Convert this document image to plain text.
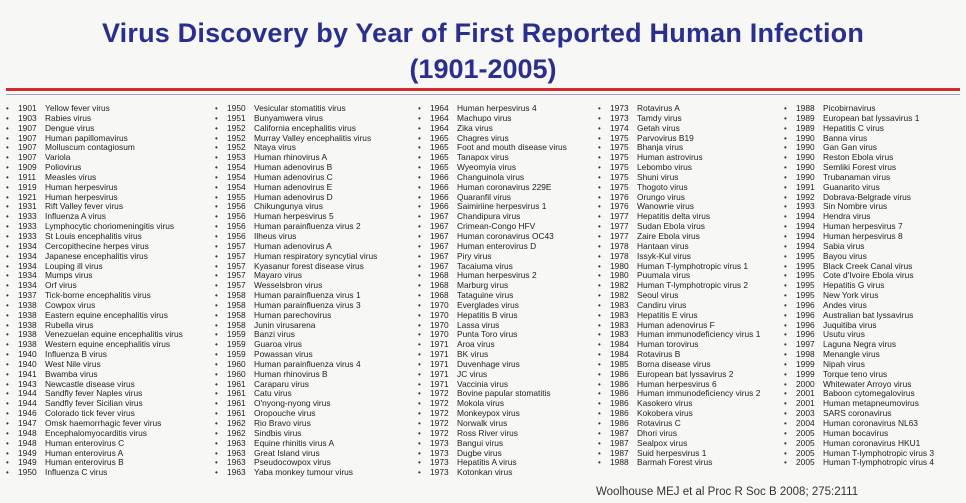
Virus Discovery by Year of First Reported Human Infection
(1901-2005)
• 1901 Yellow fever virus
• 1903 Rabies virus
• 1907 Dengue virus
• 1907 Human papillomavirus
• 1907 Molluscum contagiosum
• 1907 Variola
• 1909 Poliovirus
• 1911 Measles virus
• 1919 Human herpesvirus
• 1921 Human herpesvirus
• 1931 Rift Valley fever virus
• 1933 Influenza A virus
• 1933 Lymphocytic choriomeningitis virus
• 1933 St Louis encephalitis virus
• 1934 Cercopithecine herpes virus
• 1934 Japanese encephalitis virus
• 1934 Louping ill virus
• 1934 Mumps virus
• 1934 Orf virus
• 1937 Tick-borne encephalitis virus
• 1938 Cowpox virus
• 1938 Eastern equine encephalitis virus
• 1938 Rubella virus
• 1938 Venezuelan equine encephalitis virus
• 1938 Western equine encephalitis virus
• 1940 Influenza B virus
• 1940 West Nile virus
• 1941 Bwamba virus
• 1943 Newcastle disease virus
• 1944 Sandfly fever Naples virus
• 1944 Sandfly fever Sicilian virus
• 1946 Colorado tick fever virus
• 1947 Omsk haemorrhagic fever virus
• 1948 Encephalomyocarditis virus
• 1948 Human enterovirus C
• 1949 Human enterovirus A
• 1949 Human enterovirus B
• 1950 Influenza C virus
• 1950 Vesicular stomatitis virus
• 1951 Bunyamwera virus
• 1952 California encephalitis virus
• 1952 Murray Valley encephalitis virus
• 1952 Ntaya virus
• 1953 Human rhinovirus A
• 1954 Human adenovirus B
• 1954 Human adenovirus C
• 1954 Human adenovirus E
• 1955 Human adenovirus D
• 1956 Chikungunya virus
• 1956 Human herpesvirus 5
• 1956 Human parainfluenza virus 2
• 1956 Ilheus virus
• 1957 Human adenovirus A
• 1957 Human respiratory syncytial virus
• 1957 Kyasanur forest disease virus
• 1957 Mayaro virus
• 1957 Wesselsbron virus
• 1958 Human parainfluenza virus 1
• 1958 Human parainfluenza virus 3
• 1958 Human parechovirus
• 1958 Junin virusarena
• 1959 Banzi virus
• 1959 Guaroa virus
• 1959 Powassan virus
• 1960 Human parainfluenza virus 4
• 1960 Human rhinovirus B
• 1961 Caraparu virus
• 1961 Catu virus
• 1961 O'nyong-nyong virus
• 1961 Oropouche virus
• 1962 Rio Bravo virus
• 1962 Sindbis virus
• 1963 Equine rhinitis virus A
• 1963 Great Island virus
• 1963 Pseudocowpox virus
• 1963 Yaba monkey tumour virus
• 1964 Human herpesvirus 4
• 1964 Machupo virus
• 1964 Zika virus
• 1965 Chagres virus
• 1965 Foot and mouth disease virus
• 1965 Tanapox virus
• 1965 Wyeomyia virus
• 1966 Changuinola virus
• 1966 Human coronavirus 229E
• 1966 Quaranfil virus
• 1966 Saimiriine herpesvirus 1
• 1967 Chandipura virus
• 1967 Crimean-Congo HFV
• 1967 Human coronavirus OC43
• 1967 Human enterovirus D
• 1967 Piry virus
• 1967 Tacaiuma virus
• 1968 Human herpesvirus 2
• 1968 Marburg virus
• 1968 Tataguine virus
• 1970 Everglades virus
• 1970 Hepatitis B virus
• 1970 Lassa virus
• 1970 Punta Toro virus
• 1971 Aroa virus
• 1971 BK virus
• 1971 Duvenhage virus
• 1971 JC virus
• 1971 Vaccinia virus
• 1972 Bovine papular stomatitis
• 1972 Mokola virus
• 1972 Monkeypox virus
• 1972 Norwalk virus
• 1972 Ross River virus
• 1973 Bangui virus
• 1973 Dugbe virus
• 1973 Hepatitis A virus
• 1973 Kotonkan virus
• 1973 Rotavirus A
• 1973 Tamdy virus
• 1974 Getah virus
• 1975 Parvovirus B19
• 1975 Bhanja virus
• 1975 Human astrovirus
• 1975 Lebombo virus
• 1975 Shuni virus
• 1975 Thogoto virus
• 1976 Orungo virus
• 1976 Wanowrie virus
• 1977 Hepatitis delta virus
• 1977 Sudan Ebola virus
• 1977 Zaire Ebola virus
• 1978 Hantaan virus
• 1978 Issyk-Kul virus
• 1980 Human T-lymphotropic virus 1
• 1980 Puumala virus
• 1982 Human T-lymphotropic virus 2
• 1982 Seoul virus
• 1983 Candiru virus
• 1983 Hepatitis E virus
• 1983 Human adenovirus F
• 1983 Human immunodeficiency virus 1
• 1984 Human torovirus
• 1984 Rotavirus B
• 1985 Borna disease virus
• 1986 European bat lyssavirus 2
• 1986 Human herpesvirus 6
• 1986 Human immunodeficiency virus 2
• 1986 Kasokero virus
• 1986 Kokobera virus
• 1986 Rotavirus C
• 1987 Dhori virus
• 1987 Sealpox virus
• 1987 Suid herpesvirus 1
• 1988 Barmah Forest virus
• 1988 Picobirnavirus
• 1989 European bat lyssavirus 1
• 1989 Hepatitis C virus
• 1990 Banna virus
• 1990 Gan Gan virus
• 1990 Reston Ebola virus
• 1990 Semliki Forest virus
• 1990 Trubanaman virus
• 1991 Guanarito virus
• 1992 Dobrava-Belgrade virus
• 1993 Sin Nombre virus
• 1994 Hendra virus
• 1994 Human herpesvirus 7
• 1994 Human herpesvirus 8
• 1994 Sabia virus
• 1995 Bayou virus
• 1995 Black Creek Canal virus
• 1995 Cote d'Ivoire Ebola virus
• 1995 Hepatitis G virus
• 1995 New York virus
• 1996 Andes virus
• 1996 Australian bat lyssavirus
• 1996 Juquitiba virus
• 1996 Usutu virus
• 1997 Laguna Negra virus
• 1998 Menangle virus
• 1999 Nipah virus
• 1999 Torque teno virus
• 2000 Whitewater Arroyo virus
• 2001 Baboon cytomegalovirus
• 2001 Human metapneumovirus
• 2003 SARS coronavirus
• 2004 Human coronavirus NL63
• 2005 Human bocavirus
• 2005 Human coronavirus HKU1
• 2005 Human T-lymphotropic virus 3
• 2005 Human T-lymphotropic virus 4
Woolhouse MEJ et al Proc R Soc B 2008; 275:2111
